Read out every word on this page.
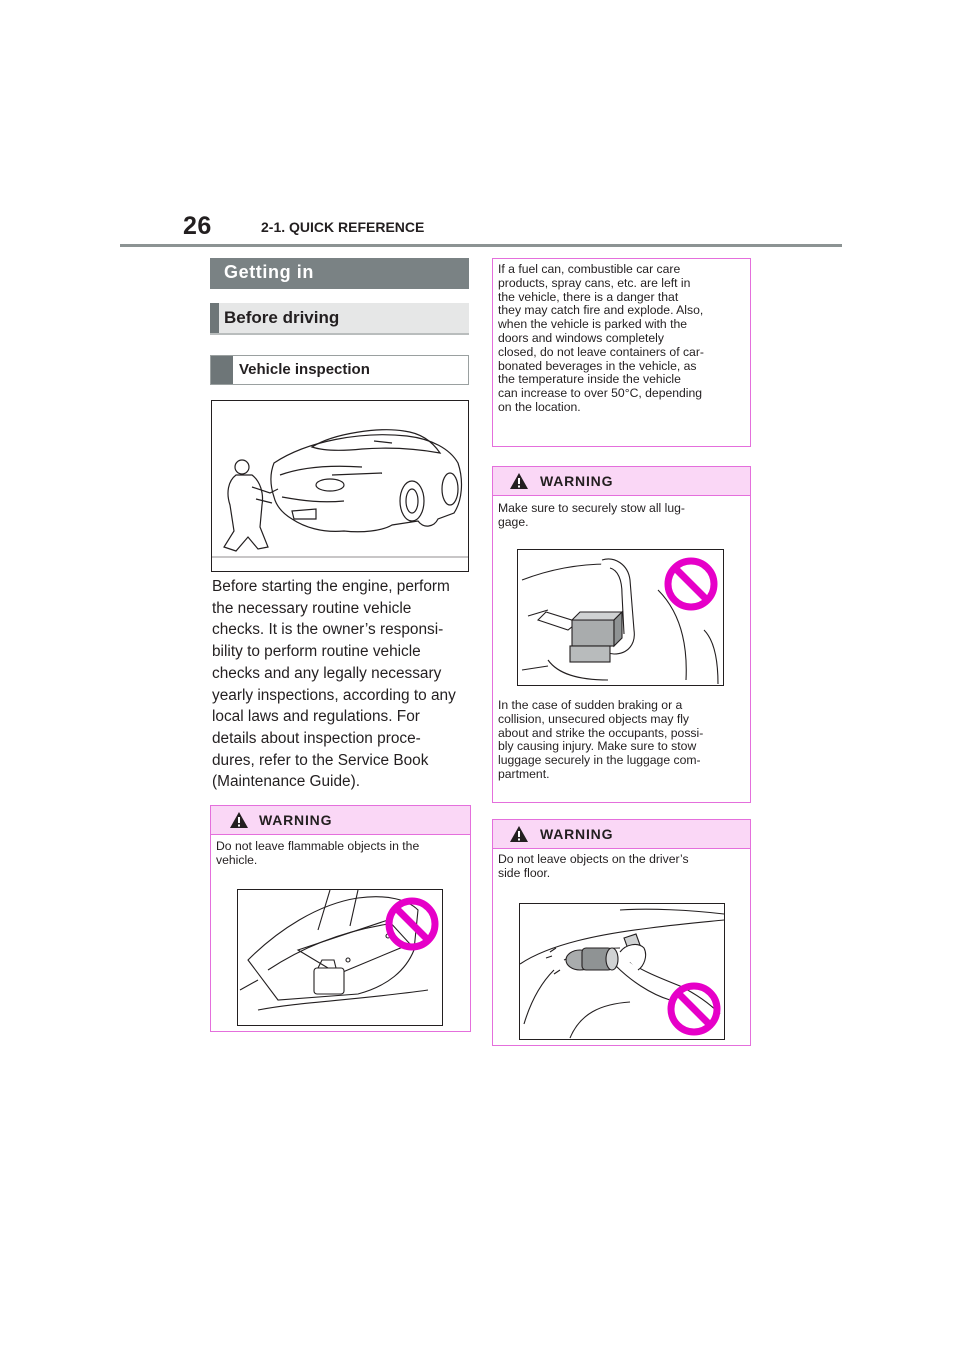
26	2-1. QUICK REFERENCE
Getting in
Before driving
Vehicle inspection
Before starting the engine, perform
the necessary routine vehicle
checks. It is the owner’s responsi-
bility to perform routine vehicle
checks and any legally necessary
yearly inspections, according to any
local laws and regulations. For
details about inspection proce-
dures, refer to the Service Book
(Maintenance Guide).
WARNING
Do not leave flammable objects in the
vehicle.
If a fuel can, combustible car care
products, spray cans, etc. are left in
the vehicle, there is a danger that
they may catch fire and explode. Also,
when the vehicle is parked with the
doors and windows completely
closed, do not leave containers of car-
bonated beverages in the vehicle, as
the temperature inside the vehicle
can increase to over 50°C, depending
on the location.
WARNING
Make sure to securely stow all lug-
gage.
In the case of sudden braking or a
collision, unsecured objects may fly
about and strike the occupants, possi-
bly causing injury. Make sure to stow
luggage securely in the luggage com-
partment.
WARNING
Do not leave objects on the driver’s
side floor.
